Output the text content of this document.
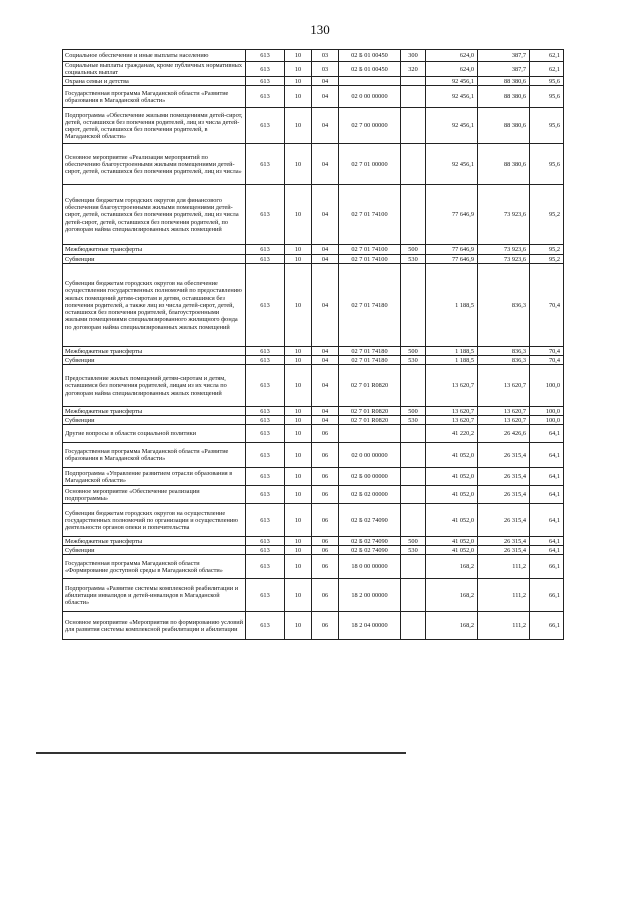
130
Социальное обеспечение и иные выплаты населению	613	10	03	02 Б 01 00450	300	624,0	387,7	62,1
Социальные выплаты гражданам, кроме публичных нормативных социальных выплат	613	10	03	02 Б 01 00450	320	624,0	387,7	62,1
Охрана семьи и детства	613	10	04			92 456,1	88 380,6	95,6
Государственная программа Магаданской области «Развитие образования в Магаданской области»	613	10	04	02 0 00 00000		92 456,1	88 380,6	95,6
Подпрограмма «Обеспечение жилыми помещениями детей-сирот, детей, оставшихся без попечения родителей, лиц из числа детей-сирот, детей, оставшихся без попечения родителей, в Магаданской области»	613	10	04	02 7 00 00000		92 456,1	88 380,6	95,6
Основное мероприятие «Реализация мероприятий по обеспечению благоустроенными жилыми помещениями детей-сирот, детей, оставшихся без попечения родителей, лиц из числа»	613	10	04	02 7 01 00000		92 456,1	88 380,6	95,6
Субвенции бюджетам городских округов для финансового обеспечения благоустроенными жилыми помещениями детей-сирот, детей, оставшихся без попечения родителей, лиц из числа детей-сирот, детей, оставшихся без попечения родителей, по договорам найма специализированных жилых помещений	613	10	04	02 7 01 74100		77 646,9	73 923,6	95,2
Межбюджетные трансферты	613	10	04	02 7 01 74100	500	77 646,9	73 923,6	95,2
Субвенции	613	10	04	02 7 01 74100	530	77 646,9	73 923,6	95,2
Субвенции бюджетам городских округов на обеспечение осуществления государственных полномочий по предоставлению жилых помещений детям-сиротам и детям, оставшимся без попечения родителей, а также лиц из числа детей-сирот, детей, оставшихся без попечения родителей, благоустроенными жилыми помещениями специализированного жилищного фонда по договорам найма специализированных жилых помещений	613	10	04	02 7 01 74180		1 188,5	836,3	70,4
Межбюджетные трансферты	613	10	04	02 7 01 74180	500	1 188,5	836,3	70,4
Субвенции	613	10	04	02 7 01 74180	530	1 188,5	836,3	70,4
Предоставление жилых помещений детям-сиротам и детям, оставшимся без попечения родителей, лицам из их числа по договорам найма специализированных жилых помещений	613	10	04	02 7 01 R0820		13 620,7	13 620,7	100,0
Межбюджетные трансферты	613	10	04	02 7 01 R0820	500	13 620,7	13 620,7	100,0
Субвенции	613	10	04	02 7 01 R0820	530	13 620,7	13 620,7	100,0
Другие вопросы в области социальной политики	613	10	06			41 220,2	26 426,6	64,1
Государственная программа Магаданской области «Развитие образования в Магаданской области»	613	10	06	02 0 00 00000		41 052,0	26 315,4	64,1
Подпрограмма «Управление развитием отрасли образования в Магаданской области»	613	10	06	02 Б 00 00000		41 052,0	26 315,4	64,1
Основное мероприятие «Обеспечение реализации подпрограммы»	613	10	06	02 Б 02 00000		41 052,0	26 315,4	64,1
Субвенции бюджетам городских округов на осуществление государственных полномочий по организации и осуществлению деятельности органов опеки и попечительства	613	10	06	02 Б 02 74090		41 052,0	26 315,4	64,1
Межбюджетные трансферты	613	10	06	02 Б 02 74090	500	41 052,0	26 315,4	64,1
Субвенции	613	10	06	02 Б 02 74090	530	41 052,0	26 315,4	64,1
Государственная программа Магаданской области «Формирование доступной среды в Магаданской области»	613	10	06	18 0 00 00000		168,2	111,2	66,1
Подпрограмма «Развитие системы комплексной реабилитации и абилитации инвалидов и детей-инвалидов в Магаданской области»	613	10	06	18 2 00 00000		168,2	111,2	66,1
Основное мероприятие «Мероприятия по формированию условий для развития системы комплексной реабилитации и абилитации	613	10	06	18 2 04 00000		168,2	111,2	66,1
